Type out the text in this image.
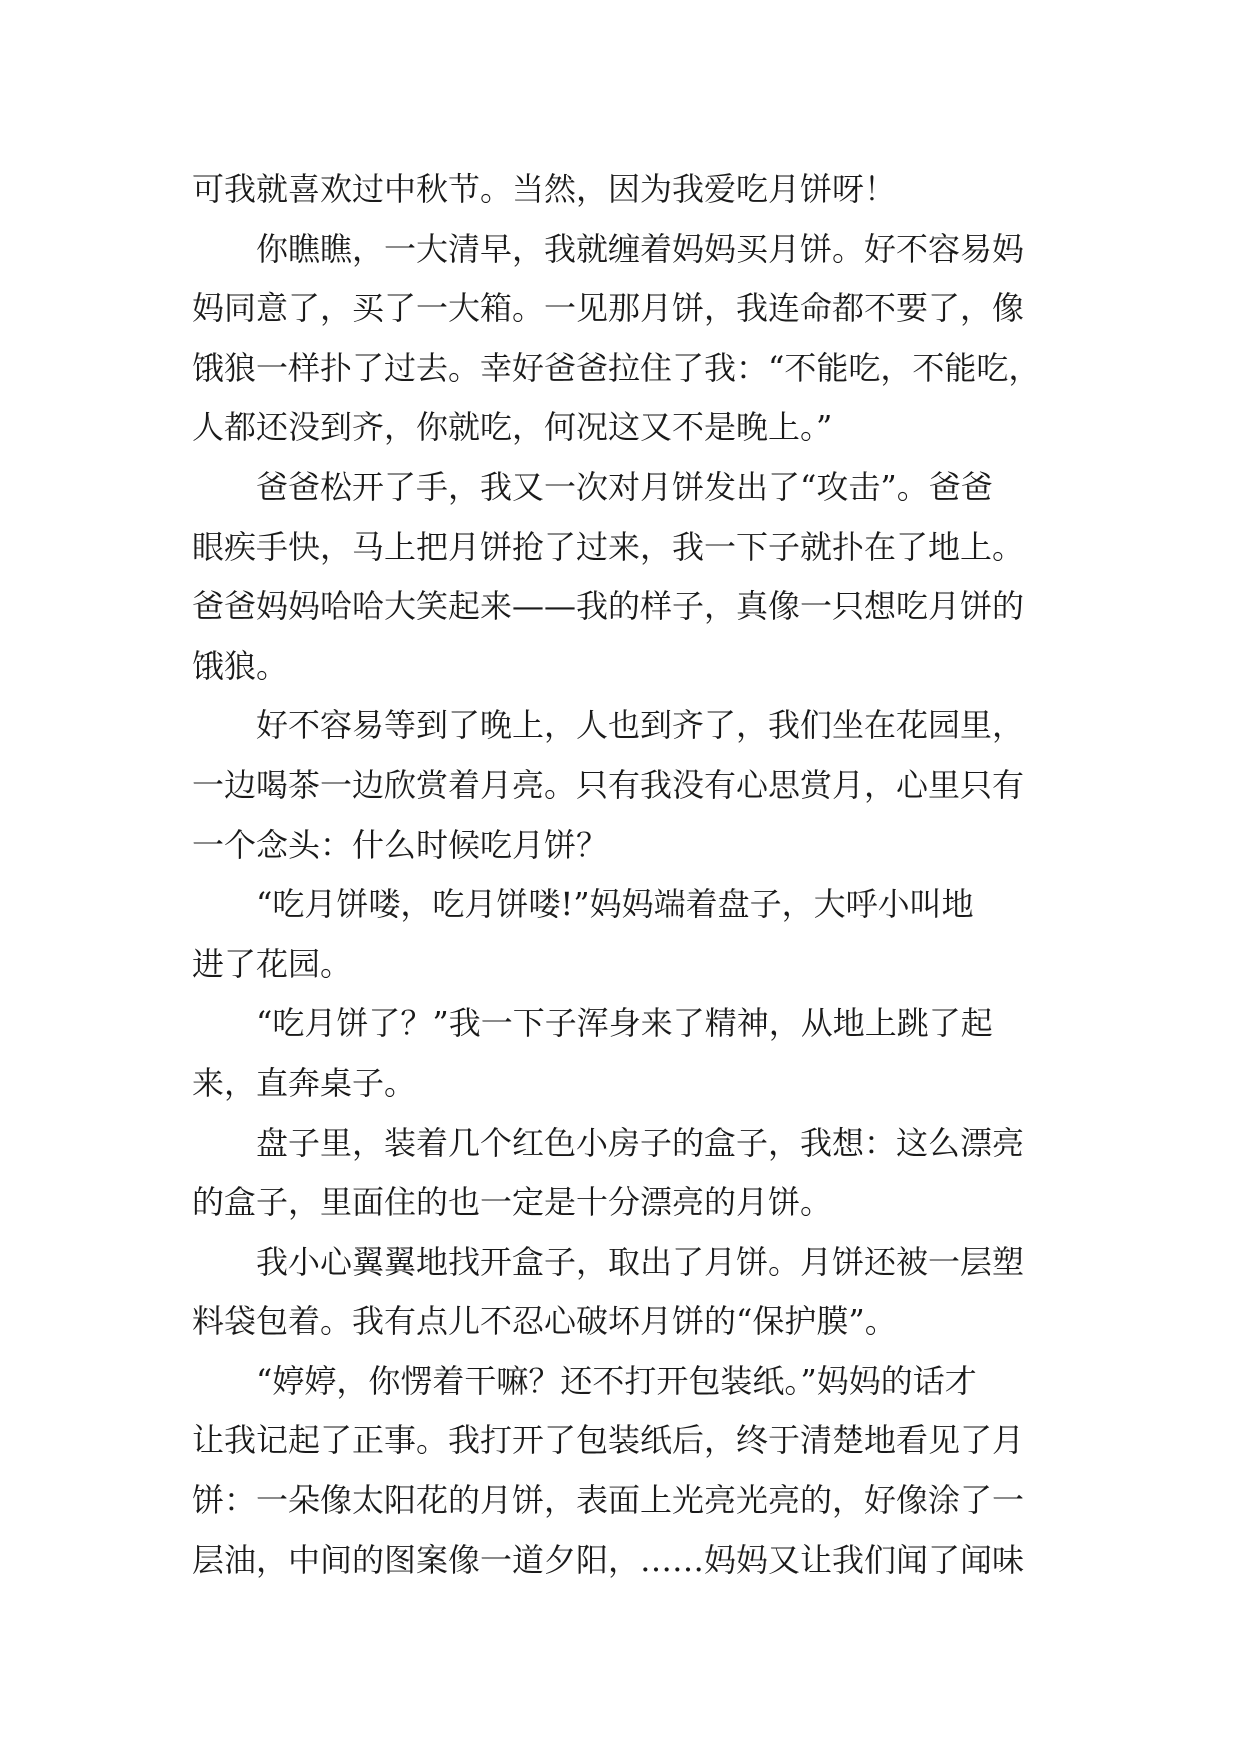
可我就喜欢过中秋节。当然，因为我爱吃月饼呀！
你瞧瞧，一大清早，我就缠着妈妈买月饼。好不容易妈
妈同意了，买了一大箱。一见那月饼，我连命都不要了，像
饿狼一样扑了过去。幸好爸爸拉住了我：“不能吃，不能吃，
人都还没到齐，你就吃，何况这又不是晚上。”
爸爸松开了手，我又一次对月饼发出了“攻击”。爸爸
眼疾手快，马上把月饼抢了过来，我一下子就扑在了地上。
爸爸妈妈哈哈大笑起来——我的样子，真像一只想吃月饼的
饿狼。
好不容易等到了晚上，人也到齐了，我们坐在花园里，
一边喝茶一边欣赏着月亮。只有我没有心思赏月，心里只有
一个念头：什么时候吃月饼？
“吃月饼喽，吃月饼喽!”妈妈端着盘子，大呼小叫地
进了花园。
“吃月饼了？”我一下子浑身来了精神，从地上跳了起
来，直奔桌子。
盘子里，装着几个红色小房子的盒子，我想：这么漂亮
的盒子，里面住的也一定是十分漂亮的月饼。
我小心翼翼地找开盒子，取出了月饼。月饼还被一层塑
料袋包着。我有点儿不忍心破坏月饼的“保护膜”。
“婷婷，你愣着干嘛？还不打开包装纸。”妈妈的话才
让我记起了正事。我打开了包装纸后，终于清楚地看见了月
饼：一朵像太阳花的月饼，表面上光亮光亮的，好像涂了一
层油，中间的图案像一道夕阳，……妈妈又让我们闻了闻味
